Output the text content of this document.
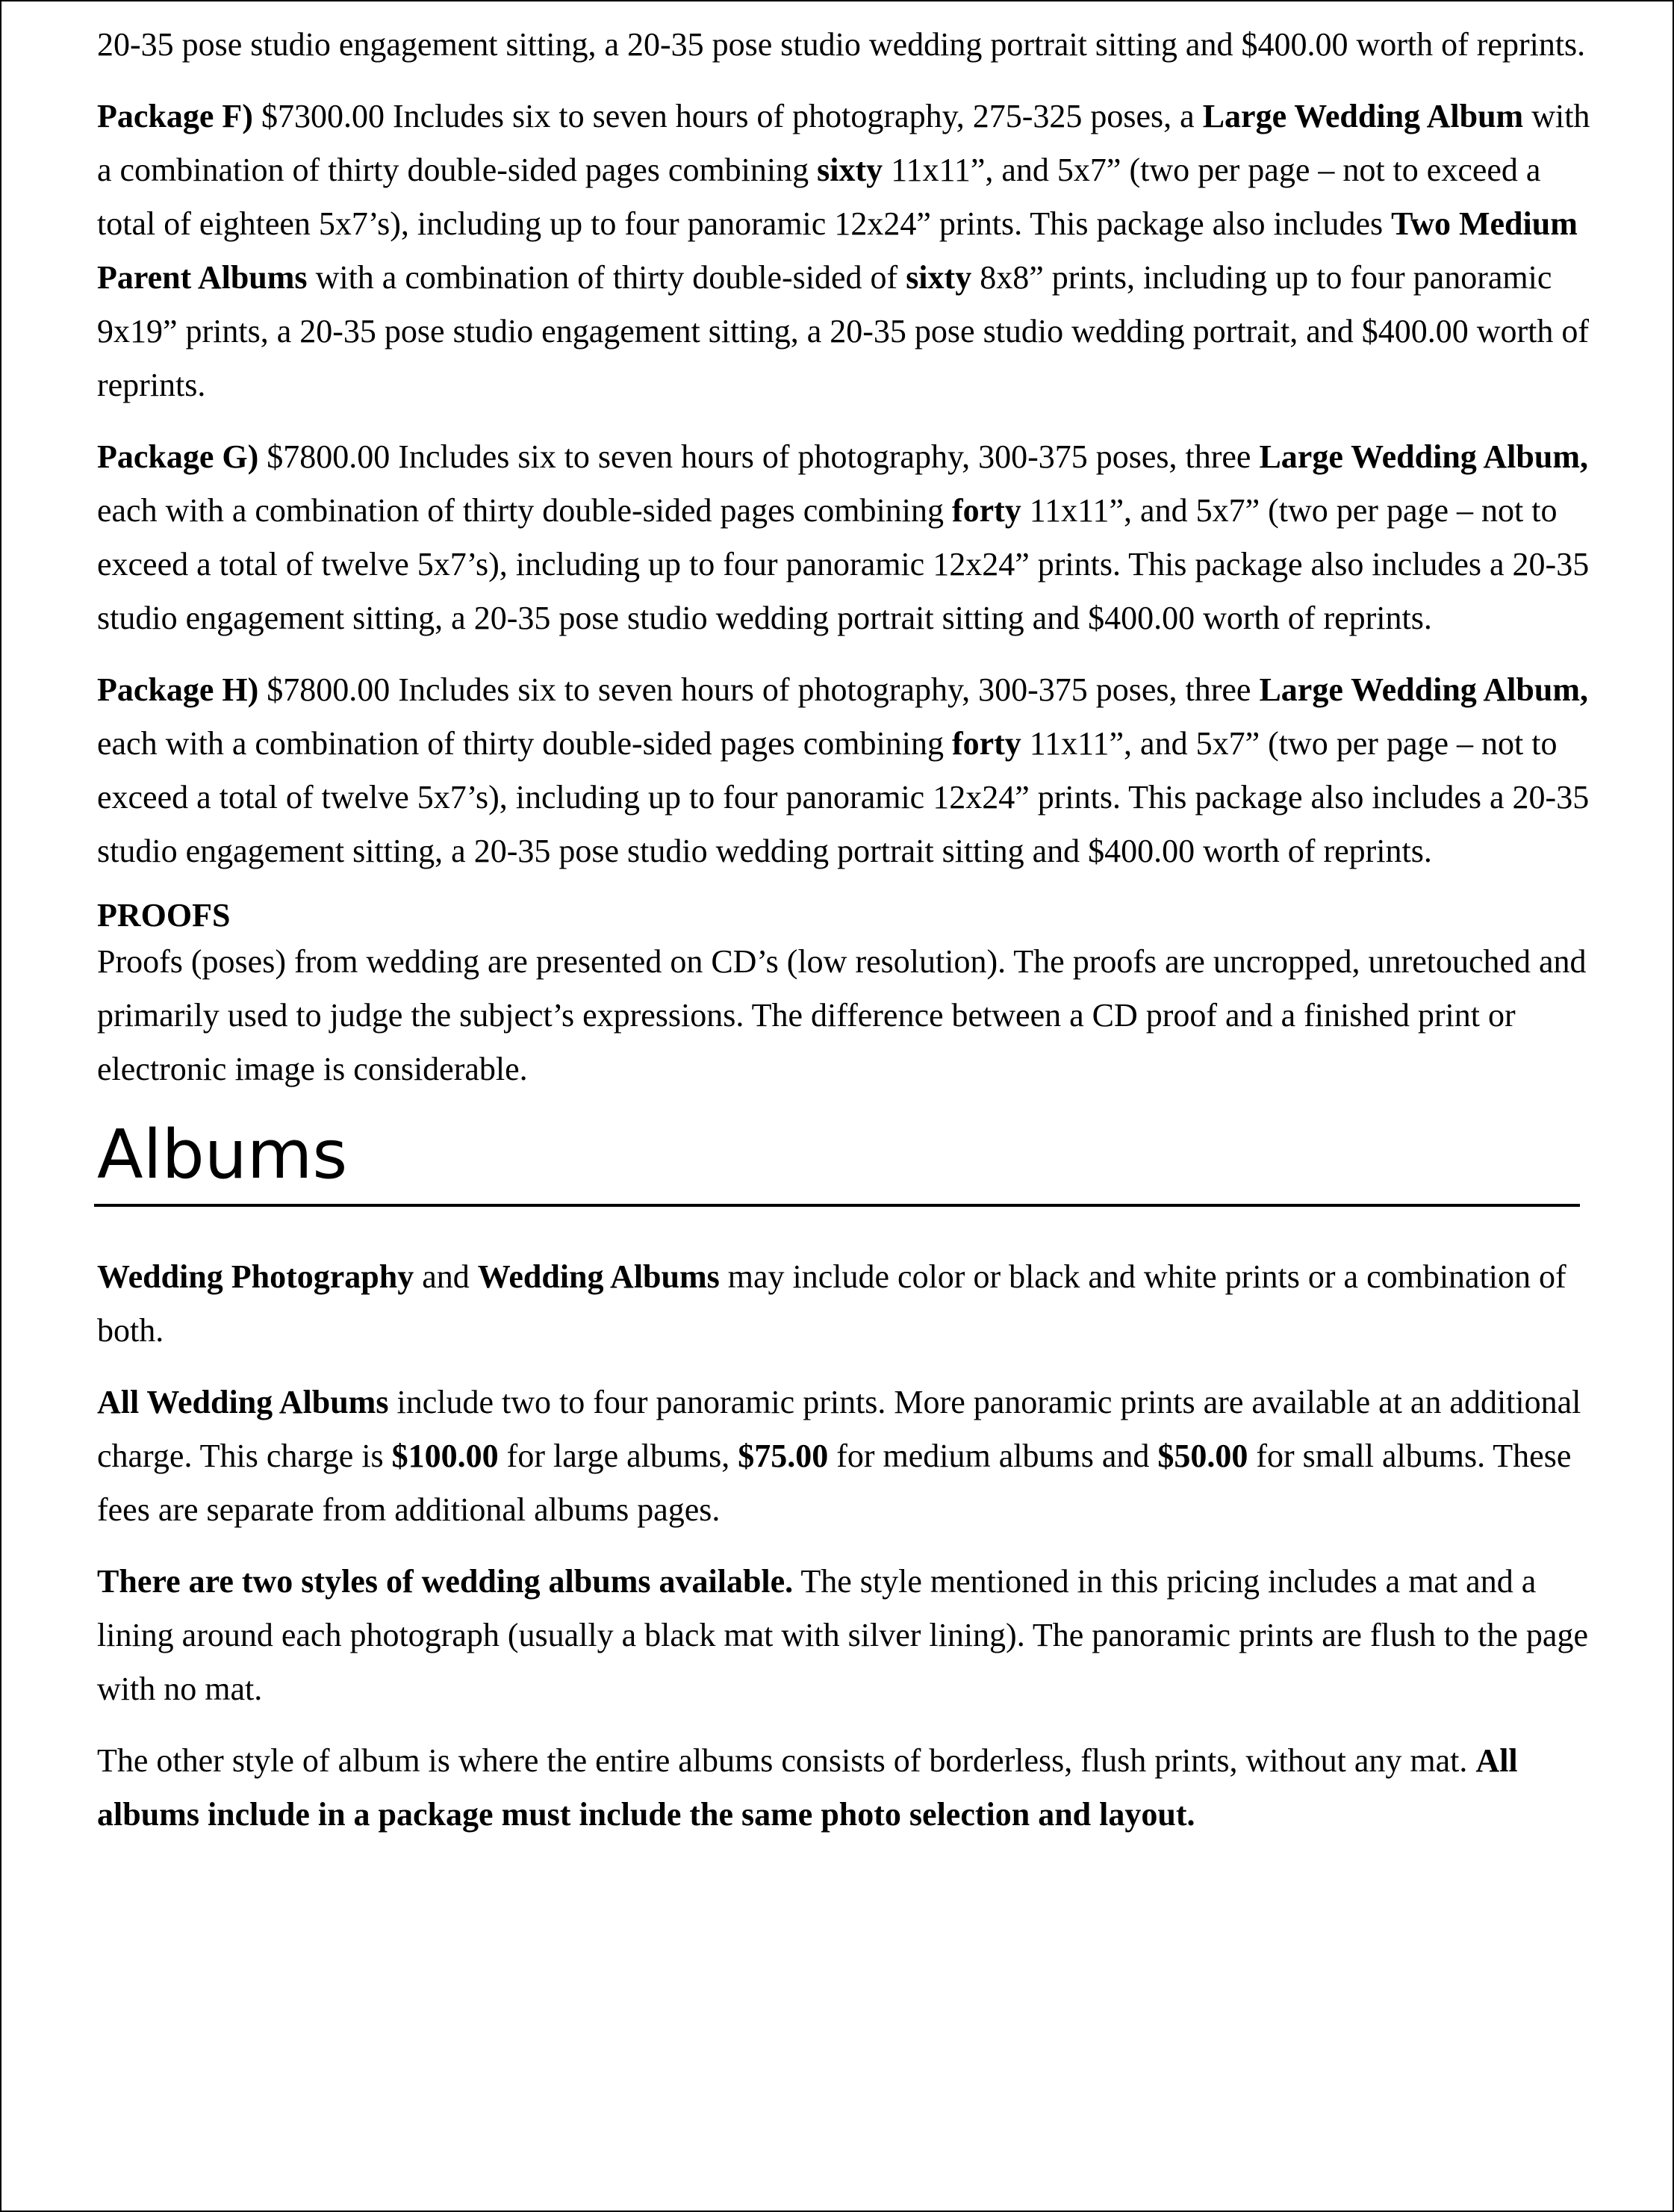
20-35 pose studio engagement sitting, a 20-35 pose studio wedding portrait sitting and $400.00 worth of reprints.

Package F) $7300.00 Includes six to seven hours of photography, 275-325 poses, a Large Wedding Album with a combination of thirty double-sided pages combining sixty 11x11”, and 5x7” (two per page – not to exceed a total of eighteen 5x7’s), including up to four panoramic 12x24” prints. This package also includes Two Medium Parent Albums with a combination of thirty double-sided of sixty 8x8” prints, including up to four panoramic 9x19” prints, a 20-35 pose studio engagement sitting, a 20-35 pose studio wedding portrait, and $400.00 worth of reprints.

Package G) $7800.00 Includes six to seven hours of photography, 300-375 poses, three Large Wedding Album, each with a combination of thirty double-sided pages combining forty 11x11”, and 5x7” (two per page – not to exceed a total of twelve 5x7’s), including up to four panoramic 12x24” prints. This package also includes a 20-35 studio engagement sitting, a 20-35 pose studio wedding portrait sitting and $400.00 worth of reprints.

Package H) $7800.00 Includes six to seven hours of photography, 300-375 poses, three Large Wedding Album, each with a combination of thirty double-sided pages combining forty 11x11”, and 5x7” (two per page – not to exceed a total of twelve 5x7’s), including up to four panoramic 12x24” prints. This package also includes a 20-35 studio engagement sitting, a 20-35 pose studio wedding portrait sitting and $400.00 worth of reprints.

PROOFS

Proofs (poses) from wedding are presented on CD’s (low resolution). The proofs are uncropped, unretouched and primarily used to judge the subject’s expressions. The difference between a CD proof and a finished print or electronic image is considerable.

Albums

Wedding Photography and Wedding Albums may include color or black and white prints or a combination of both.

All Wedding Albums include two to four panoramic prints. More panoramic prints are available at an additional charge. This charge is $100.00 for large albums, $75.00 for medium albums and $50.00 for small albums. These fees are separate from additional albums pages.

There are two styles of wedding albums available. The style mentioned in this pricing includes a mat and a lining around each photograph (usually a black mat with silver lining). The panoramic prints are flush to the page with no mat.

The other style of album is where the entire albums consists of borderless, flush prints, without any mat. All albums include in a package must include the same photo selection and layout.
